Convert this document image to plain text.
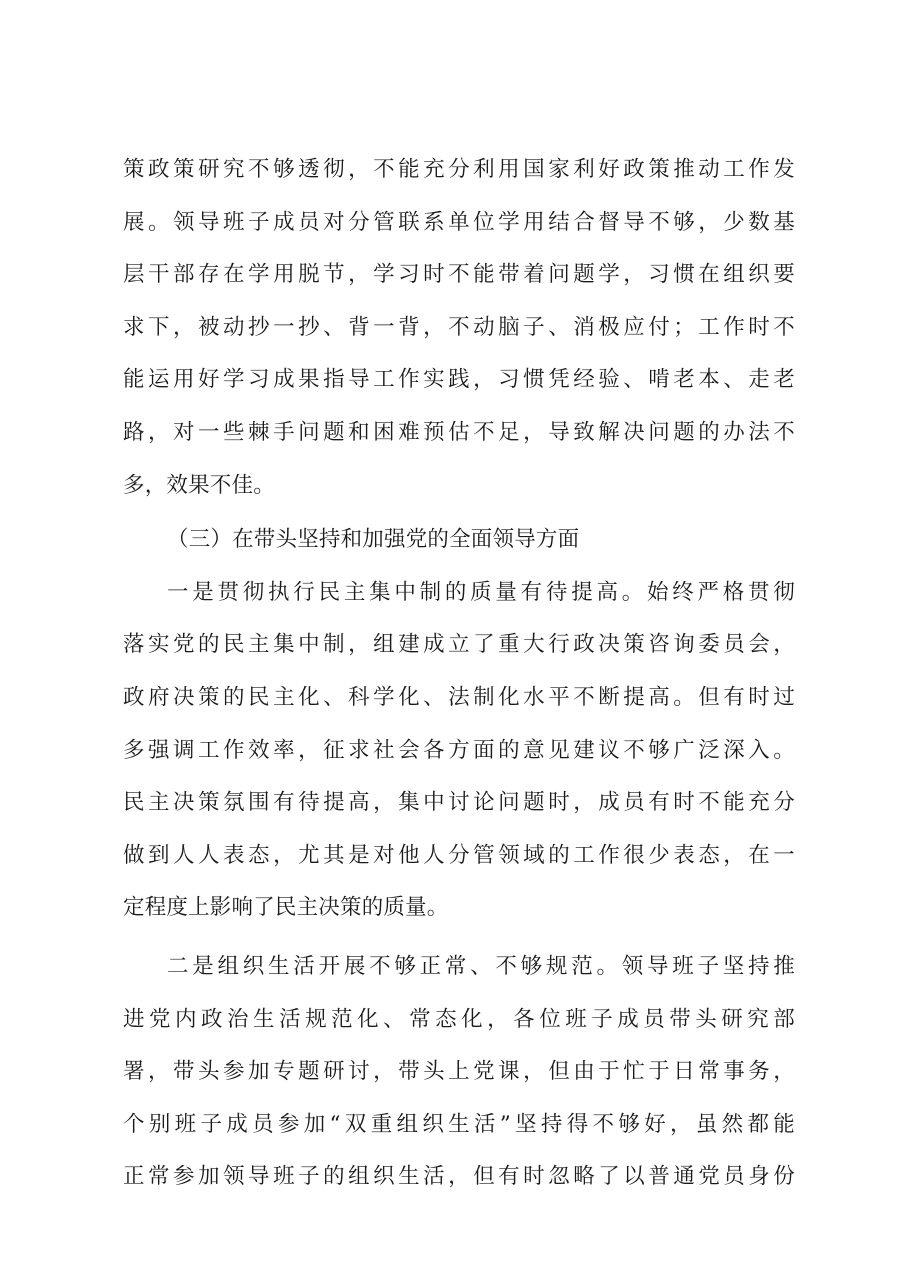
策政策研究不够透彻，不能充分利用国家利好政策推动工作发
展。领导班子成员对分管联系单位学用结合督导不够，少数基
层干部存在学用脱节，学习时不能带着问题学，习惯在组织要
求下，被动抄一抄、背一背，不动脑子、消极应付；工作时不
能运用好学习成果指导工作实践，习惯凭经验、啃老本、走老
路，对一些棘手问题和困难预估不足，导致解决问题的办法不
多，效果不佳。
（三）在带头坚持和加强党的全面领导方面
一是贯彻执行民主集中制的质量有待提高。始终严格贯彻
落实党的民主集中制，组建成立了重大行政决策咨询委员会，
政府决策的民主化、科学化、法制化水平不断提高。但有时过
多强调工作效率，征求社会各方面的意见建议不够广泛深入。
民主决策氛围有待提高，集中讨论问题时，成员有时不能充分
做到人人表态，尤其是对他人分管领域的工作很少表态，在一
定程度上影响了民主决策的质量。
二是组织生活开展不够正常、不够规范。领导班子坚持推
进党内政治生活规范化、常态化，各位班子成员带头研究部
署，带头参加专题研讨，带头上党课，但由于忙于日常事务，
个别班子成员参加“双重组织生活”坚持得不够好，虽然都能
正常参加领导班子的组织生活，但有时忽略了以普通党员身份
